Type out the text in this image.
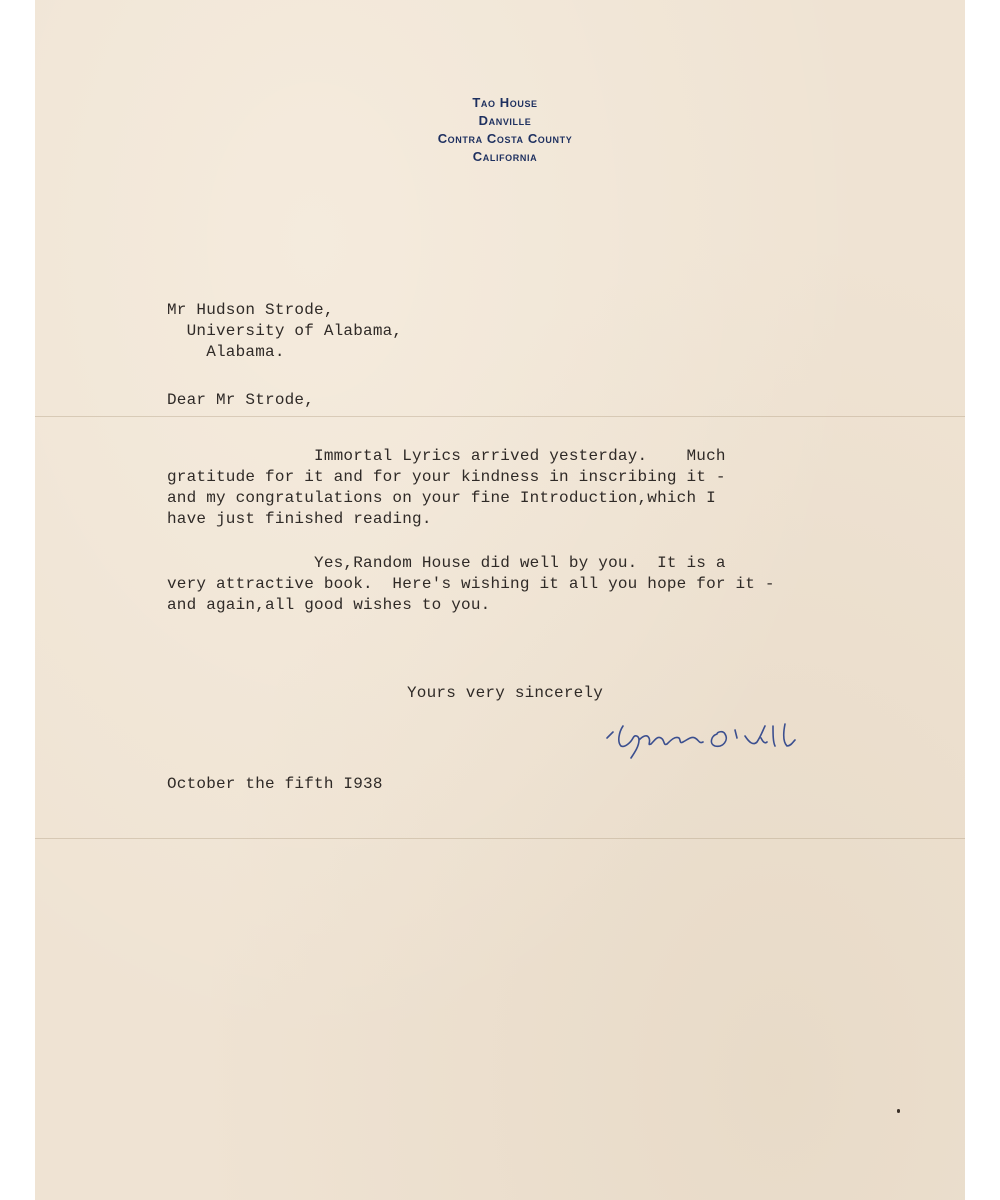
Tao House
Danville
Contra Costa County
California
Mr Hudson Strode,
University of Alabama,
Alabama.
Dear Mr Strode,
Immortal Lyrics arrived yesterday.    Much
gratitude for it and for your kindness in inscribing it -
and my congratulations on your fine Introduction,which I
have just finished reading.
Yes,Random House did well by you.  It is a
very attractive book.  Here's wishing it all you hope for it -
and again,all good wishes to you.
Yours very sincerely
October the fifth I938
